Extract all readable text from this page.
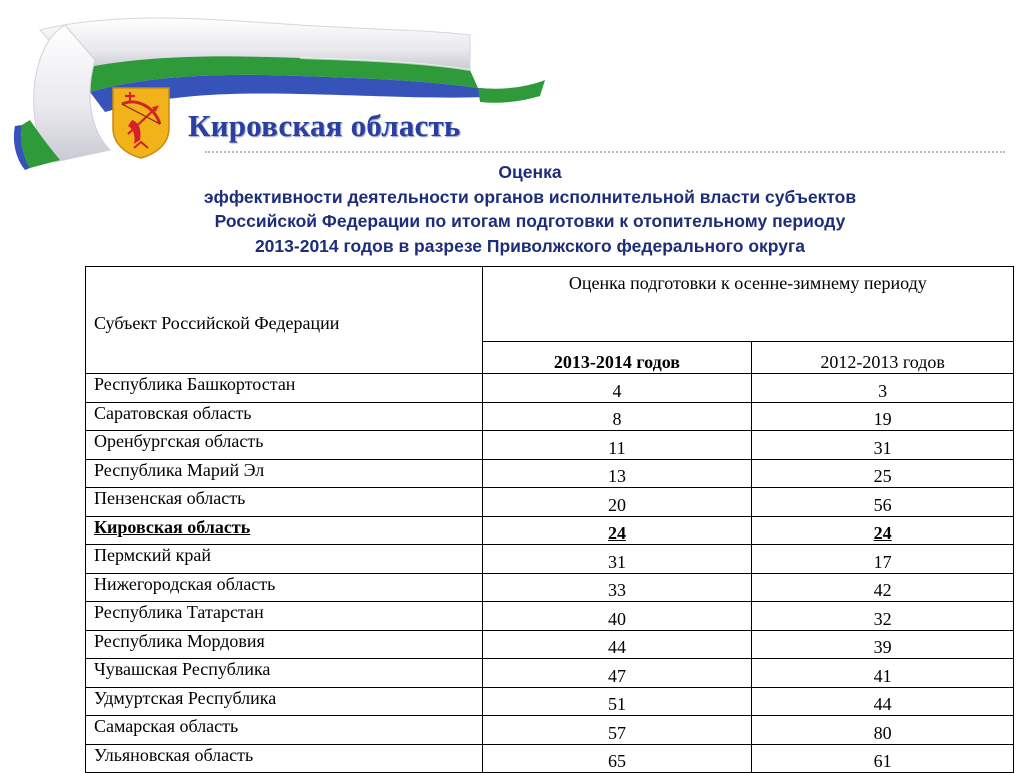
Кировская область
Оценка
эффективности деятельности органов исполнительной власти субъектов
Российской Федерации по итогам подготовки к отопительному периоду
2013-2014 годов в разрезе Приволжского федерального округа
Субъект Российской Федерации	Оценка подготовки к осенне-зимнему периоду	
	2013-2014 годов	2012-2013 годов
Республика Башкортостан	4	3
Саратовская область	8	19
Оренбургская область	11	31
Республика Марий Эл	13	25
Пензенская область	20	56
Кировская область	24	24
Пермский край	31	17
Нижегородская область	33	42
Республика Татарстан	40	32
Республика Мордовия	44	39
Чувашская Республика	47	41
Удмуртская Республика	51	44
Самарская область	57	80
Ульяновская область	65	61
